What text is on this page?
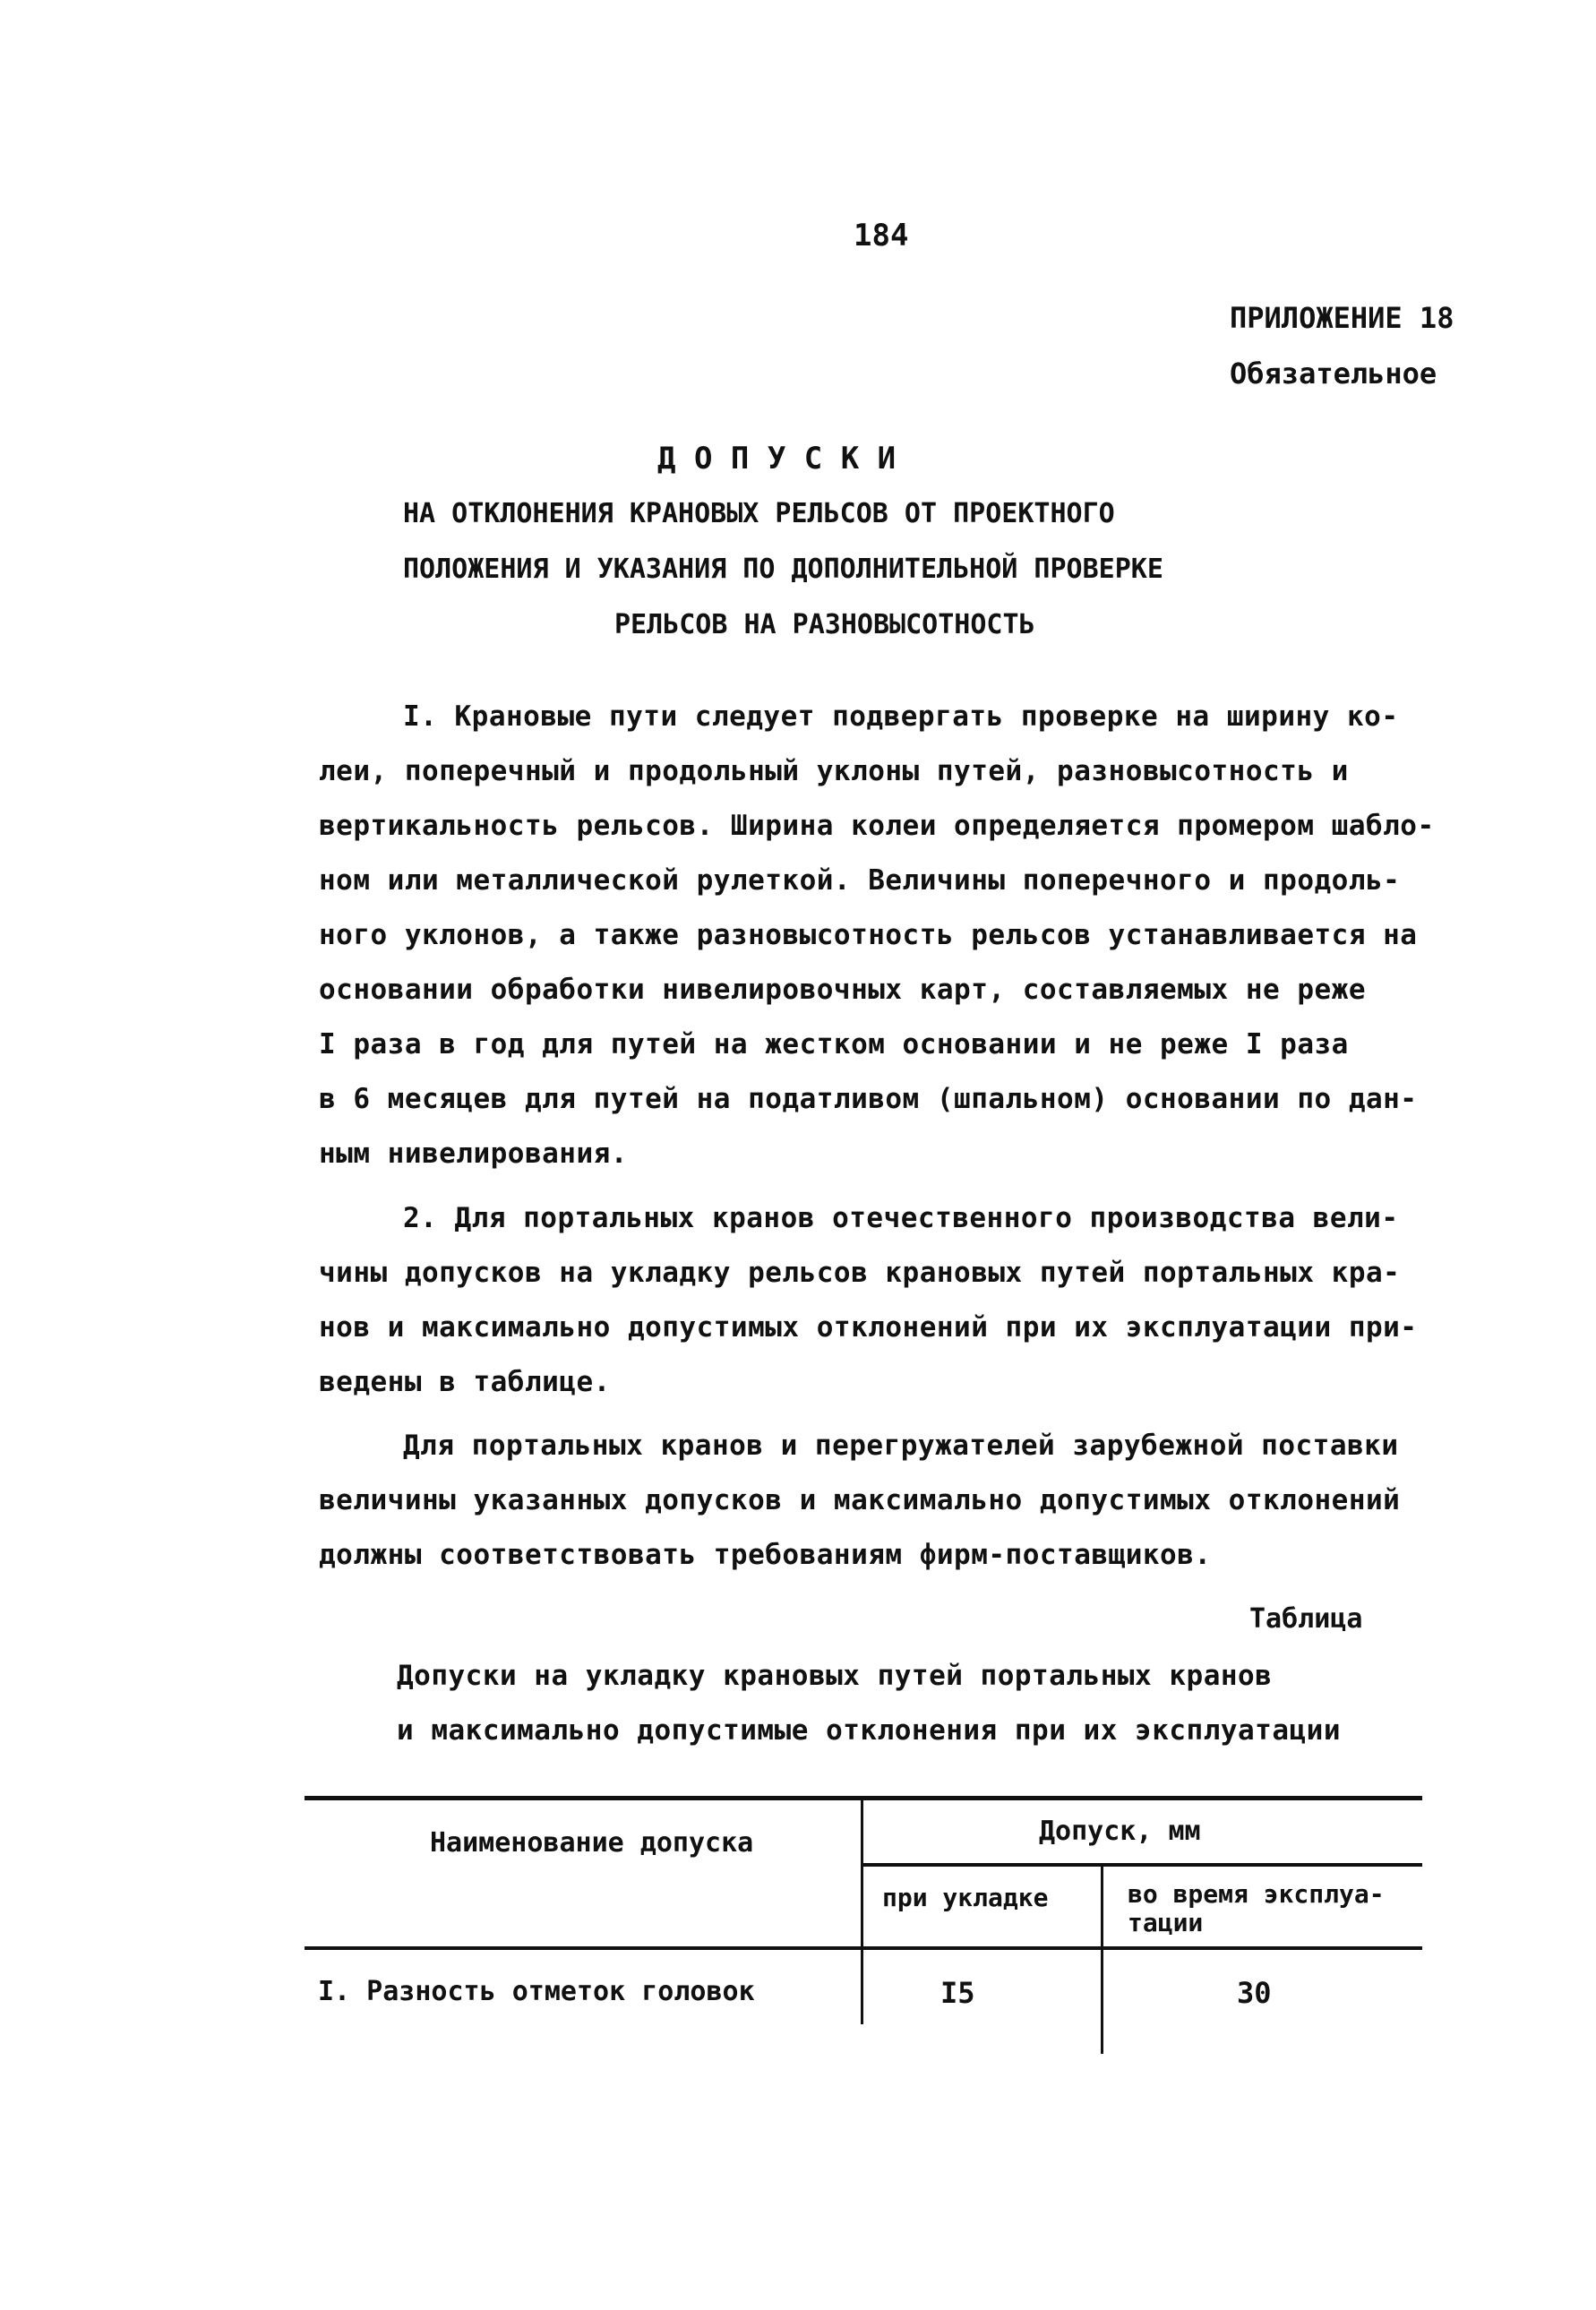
184
ПРИЛОЖЕНИЕ 18
Обязательное
Д О П У С К И
НА ОТКЛОНЕНИЯ КРАНОВЫХ РЕЛЬСОВ ОТ ПРОЕКТНОГО
ПОЛОЖЕНИЯ И УКАЗАНИЯ ПО ДОПОЛНИТЕЛЬНОЙ ПРОВЕРКЕ
РЕЛЬСОВ НА РАЗНОВЫСОТНОСТЬ
I. Крановые пути следует подвергать проверке на ширину ко-
леи, поперечный и продольный уклоны путей, разновысотность и
вертикальность рельсов. Ширина колеи определяется промером шабло-
ном или металлической рулеткой. Величины поперечного и продоль-
ного уклонов, а также разновысотность рельсов устанавливается на
основании обработки нивелировочных карт, составляемых не реже
I раза в год для путей на жестком основании и не реже I раза
в 6 месяцев для путей на податливом (шпальном) основании по дан-
ным нивелирования.
2. Для портальных кранов отечественного производства вели-
чины допусков на укладку рельсов крановых путей портальных кра-
нов и максимально допустимых отклонений при их эксплуатации при-
ведены в таблице.
Для портальных кранов и перегружателей зарубежной поставки
величины указанных допусков и максимально допустимых отклонений
должны соответствовать требованиям фирм-поставщиков.
Таблица
Допуски на укладку крановых путей портальных кранов
и максимально допустимые отклонения при их эксплуатации
Наименование допуска	Допуск, мм
при укладке	во время эксплуа-
тации
I. Разность отметок головок	I5	30
